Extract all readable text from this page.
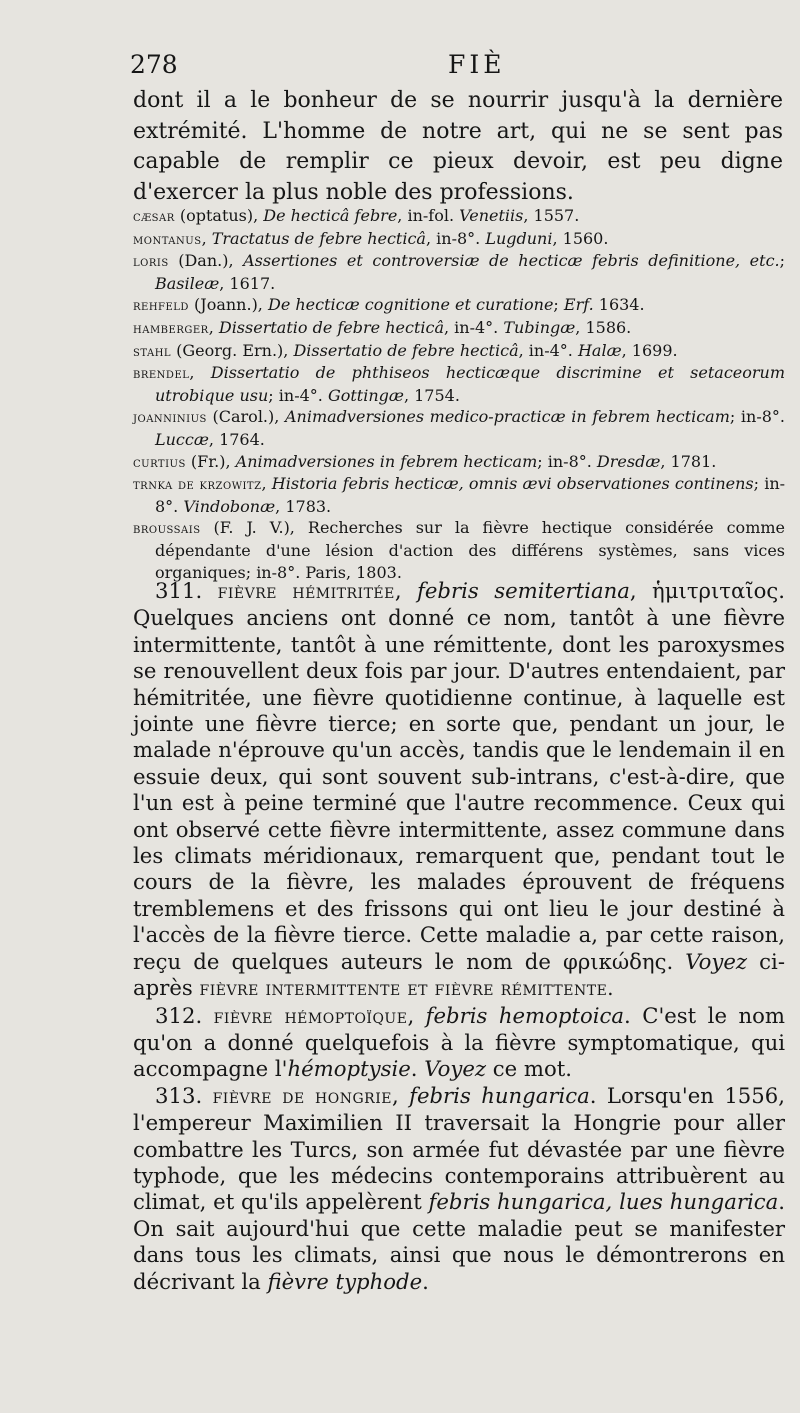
278	FIÈ
dont il a le bonheur de se nourrir jusqu'à la dernière extrémité. L'homme de notre art, qui ne se sent pas capable de remplir ce pieux devoir, est peu digne d'exercer la plus noble des professions.

cæsar (optatus), De hecticâ febre, in-fol. Venetiis, 1557.

montanus, Tractatus de febre hecticâ, in-8°. Lugduni, 1560.

loris (Dan.), Assertiones et controversiæ de hecticæ febris definitione, etc.; Basileæ, 1617.

rehfeld (Joann.), De hecticæ cognitione et curatione; Erf. 1634.

hamberger, Dissertatio de febre hecticâ, in-4°. Tubingæ, 1586.

stahl (Georg. Ern.), Dissertatio de febre hecticâ, in-4°. Halæ, 1699.

brendel, Dissertatio de phthiseos hecticæque discrimine et setaceorum utrobique usu; in-4°. Gottingæ, 1754.

joanninius (Carol.), Animadversiones medico-practicæ in febrem hecticam; in-8°. Luccæ, 1764.

curtius (Fr.), Animadversiones in febrem hecticam; in-8°. Dresdæ, 1781.

trnka de krzowitz, Historia febris hecticæ, omnis ævi observationes continens; in-8°. Vindobonæ, 1783.

broussais (F. J. V.), Recherches sur la fièvre hectique considérée comme dépendante d'une lésion d'action des différens systèmes, sans vices organiques; in-8°. Paris, 1803.

311. fièvre hémitritée, febris semitertiana, ἡμιτριταῖος. Quelques anciens ont donné ce nom, tantôt à une fièvre intermittente, tantôt à une rémittente, dont les paroxysmes se renouvellent deux fois par jour. D'autres entendaient, par hémitritée, une fièvre quotidienne continue, à laquelle est jointe une fièvre tierce; en sorte que, pendant un jour, le malade n'éprouve qu'un accès, tandis que le lendemain il en essuie deux, qui sont souvent sub-intrans, c'est-à-dire, que l'un est à peine terminé que l'autre recommence. Ceux qui ont observé cette fièvre intermittente, assez commune dans les climats méridionaux, remarquent que, pendant tout le cours de la fièvre, les malades éprouvent de fréquens tremblemens et des frissons qui ont lieu le jour destiné à l'accès de la fièvre tierce. Cette maladie a, par cette raison, reçu de quelques auteurs le nom de φρικώδης. Voyez ci-après fièvre intermittente et fièvre rémittente.

312. fièvre hémoptoïque, febris hemoptoica. C'est le nom qu'on a donné quelquefois à la fièvre symptomatique, qui accompagne l'hémoptysie. Voyez ce mot.

313. fièvre de hongrie, febris hungarica. Lorsqu'en 1556, l'empereur Maximilien II traversait la Hongrie pour aller combattre les Turcs, son armée fut dévastée par une fièvre typhode, que les médecins contemporains attribuèrent au climat, et qu'ils appelèrent febris hungarica, lues hungarica. On sait aujourd'hui que cette maladie peut se manifester dans tous les climats, ainsi que nous le démontrerons en décrivant la fièvre typhode.
